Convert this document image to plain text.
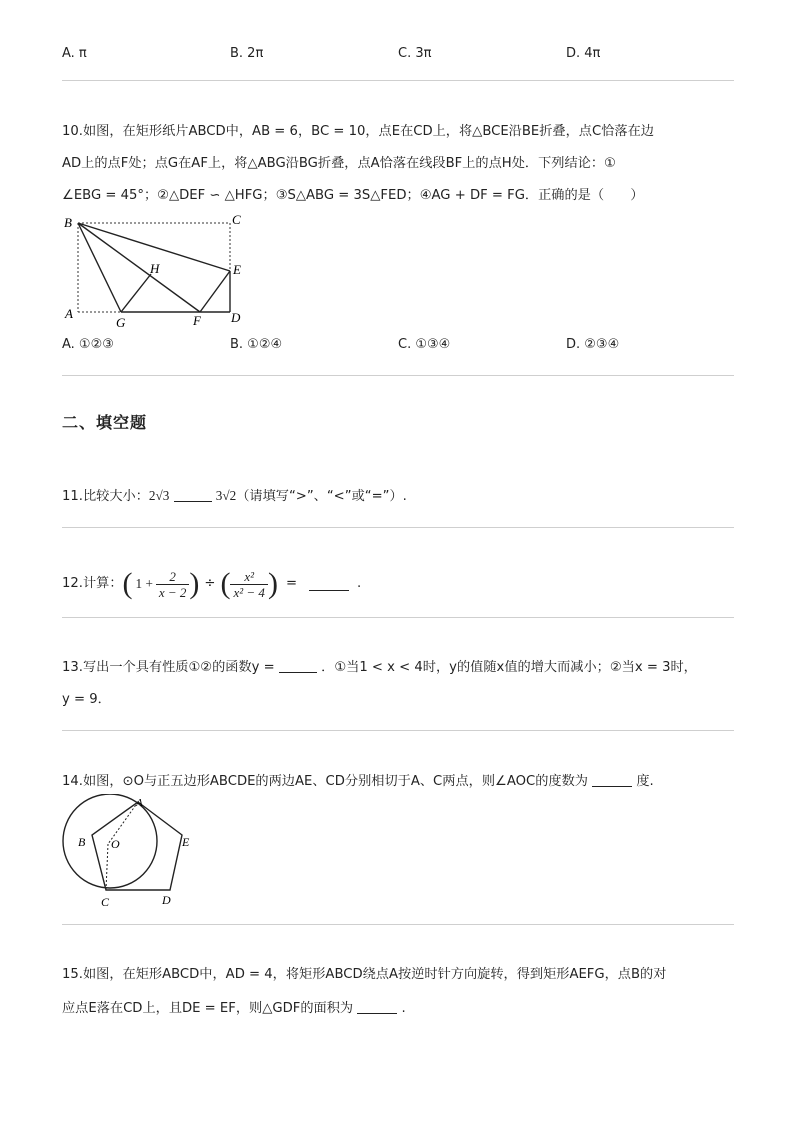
A. π	B. 2π	C. 3π	D. 4π
10.如图，在矩形纸片ABCD中，AB = 6，BC = 10，点E在CD上，将△BCE沿BE折叠，点C恰落在边
AD上的点F处；点G在AF上，将△ABG沿BG折叠，点A恰落在线段BF上的点H处．下列结论：①
∠EBG = 45°；②△DEF ∽ △HFG；③S△ABG = 3S△FED；④AG + DF = FG．正确的是（　　）
B	C
H	E
A
G	F D
A. ①②③	B. ①②④	C. ①③④	D. ②③④
二、填空题
11.比较大小：2√3	3√2（请填写“>”、“<”或“=”）.
12.计算： ( $1 + \frac{2}{x - 2}$ ) ÷ ( $\frac{\text{x²}}{\text{x² − 4}}$ ) =	.
13.写出一个具有性质①②的函数y =	．①当1 < x < 4时，y的值随x值的增大而减小；②当x = 3时，
y = 9．
14.如图，⊙O与正五边形ABCDE的两边AE、CD分别相切于A、C两点，则∠AOC的度数为	度.
A
B O	E
C	D
15.如图，在矩形ABCD中，AD = 4，将矩形ABCD绕点A按逆时针方向旋转，得到矩形AEFG，点B的对
应点E落在CD上，且DE = EF，则△GDF的面积为	.
